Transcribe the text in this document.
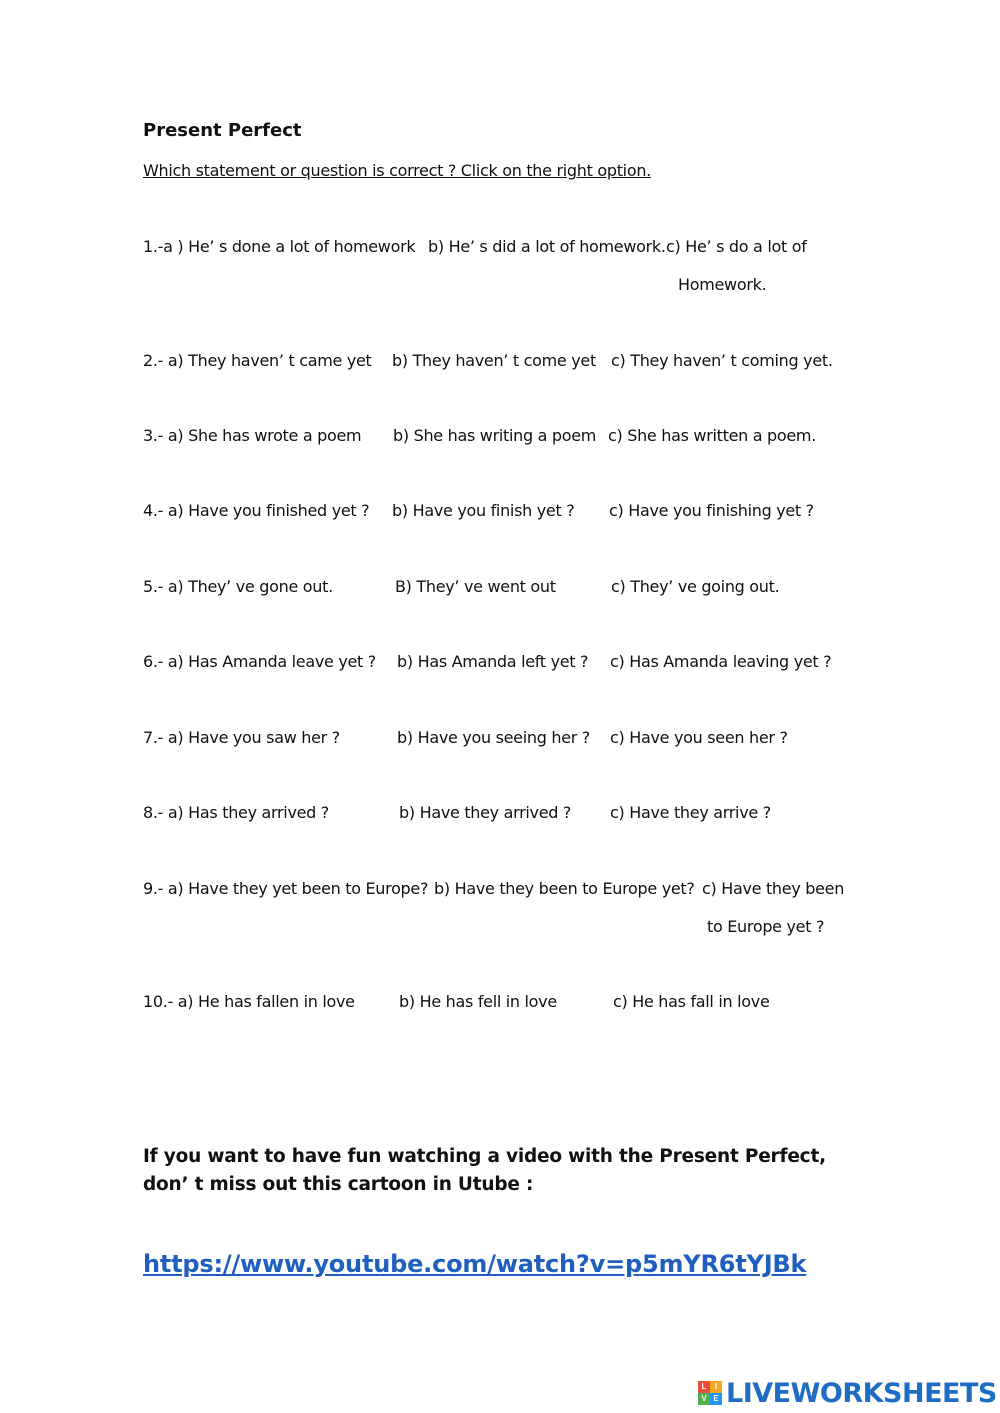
Present Perfect
Which statement or question is correct ? Click on the right option.
1.-a ) He’ s done a lot of homework b) He’ s did a lot of homework. c) He’ s do a lot of
Homework.
2.- a) They haven’ t came yet b) They haven’ t come yet c) They haven’ t coming yet.
3.- a) She has wrote a poem b) She has writing a poem c) She has written a poem.
4.- a) Have you finished yet ? b) Have you finish yet ? c) Have you finishing yet ?
5.- a) They’ ve gone out.	B) They’ ve went out	c) They’ ve going out.
6.- a) Has Amanda leave yet ? b) Has Amanda left yet ? c) Has Amanda leaving yet ?
7.- a) Have you saw her ?	b) Have you seeing her ? c) Have you seen her ?
8.- a) Has they arrived ?	b) Have they arrived ? c) Have they arrive ?
9.- a) Have they yet been to Europe? b) Have they been to Europe yet? c) Have they been
to Europe yet ?
10.- a) He has fallen in love	b) He has fell in love	c) He has fall in love
If you want to have fun watching a video with the Present Perfect,
don’ t miss out this cartoon in Utube :
https://www.youtube.com/watch?v=p5mYR6tYJBk
L	I
V E LIVEWORKSHEETS
